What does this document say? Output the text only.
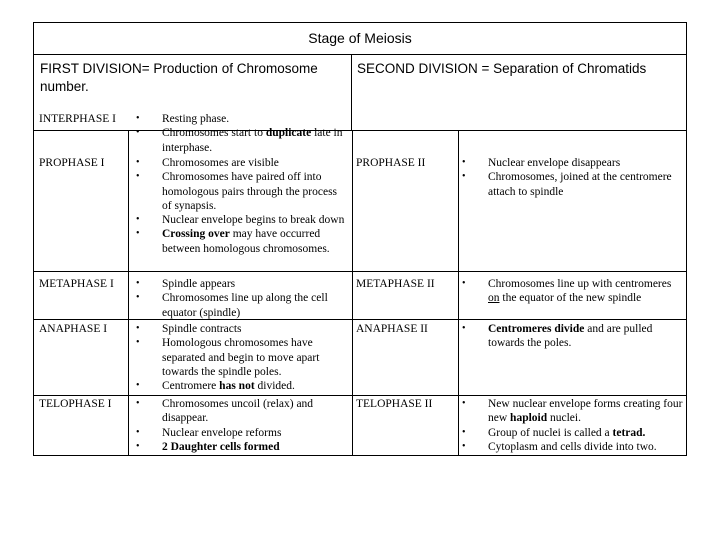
Stage of Meiosis
FIRST DIVISION= Production of Chromosome number.
SECOND DIVISION = Separation of Chromatids
INTERPHASE I
PROPHASE I
METAPHASE I
ANAPHASE I
TELOPHASE I
PROPHASE II
METAPHASE II
ANAPHASE II
TELOPHASE II
• Resting phase.
• Chromosomes start to duplicate late in interphase.
• Chromosomes are visible
• Chromosomes have paired off into homologous pairs through the process of synapsis.
• Nuclear envelope begins to break down
• Crossing over may have occurred between homologous chromosomes.
• Spindle appears
• Chromosomes line up along the cell equator (spindle)
• Spindle contracts
• Homologous chromosomes have separated and begin to move apart towards the spindle poles.
• Centromere has not divided.
• Chromosomes uncoil (relax) and disappear.
• Nuclear envelope reforms
• 2 Daughter cells formed
• Nuclear envelope disappears
• Chromosomes, joined at the centromere attach to spindle
• Chromosomes line up with centromeres on the equator of the new spindle
• Centromeres divide and are pulled towards the poles.
• New nuclear envelope forms creating four new haploid nuclei.
• Group of nuclei is called a tetrad.
• Cytoplasm and cells divide into two.
